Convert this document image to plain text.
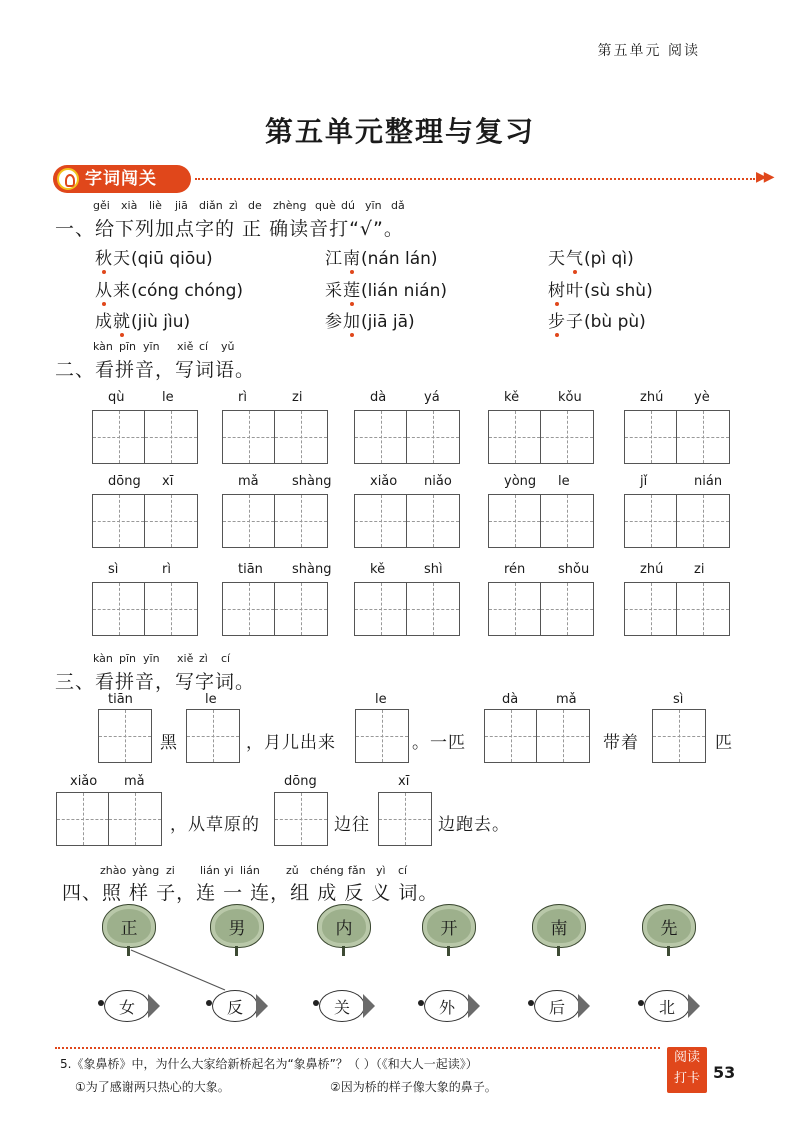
第五单元 阅读
第五单元整理与复习
字词闯关	▶▶
gěi xià liè jiā diǎn zì de zhèng què dú yīn dǎ
一、给下列加点字的 正 确读音打“√”。
秋天(qiū qiōu)	江南(nán lán)	天气(pì qì)
从来(cóng chóng)	采莲(lián nián)	树叶(sù shù)
成就(jiù jìu)	参加(jiā jā)	步子(bù pù)
kàn pīn yīn xiě cí yǔ
二、看拼音，写词语。
qù	le	rì	zi	dà	yá	kě	kǒu	zhú yè
dōng xī	mǎ	shàng	xiǎo niǎo	yòng le	jǐ	nián
sì	rì	tiān shàng	kě	shì	rén	shǒu	zhú zi
kàn pīn yīn xiě zì cí
三、看拼音，写字词。
tiān
黑
le
，月儿出来
le
。一匹
dà	mǎ
带着
sì
匹
xiǎo mǎ
，从草原的
dōng
边往
xī
边跑去。
zhào yàng zi lián yi lián zǔ chéng fǎn yì cí
四、照 样 子，连 一 连，组 成 反 义 词。
正	男	内	开	南	先
女	反	关	外	后	北
5.《象鼻桥》中，为什么大家给新桥起名为“象鼻桥”？（ ）（《和大人一起读》）
①为了感谢两只热心的大象。	②因为桥的样子像大象的鼻子。
阅读
打卡 53
